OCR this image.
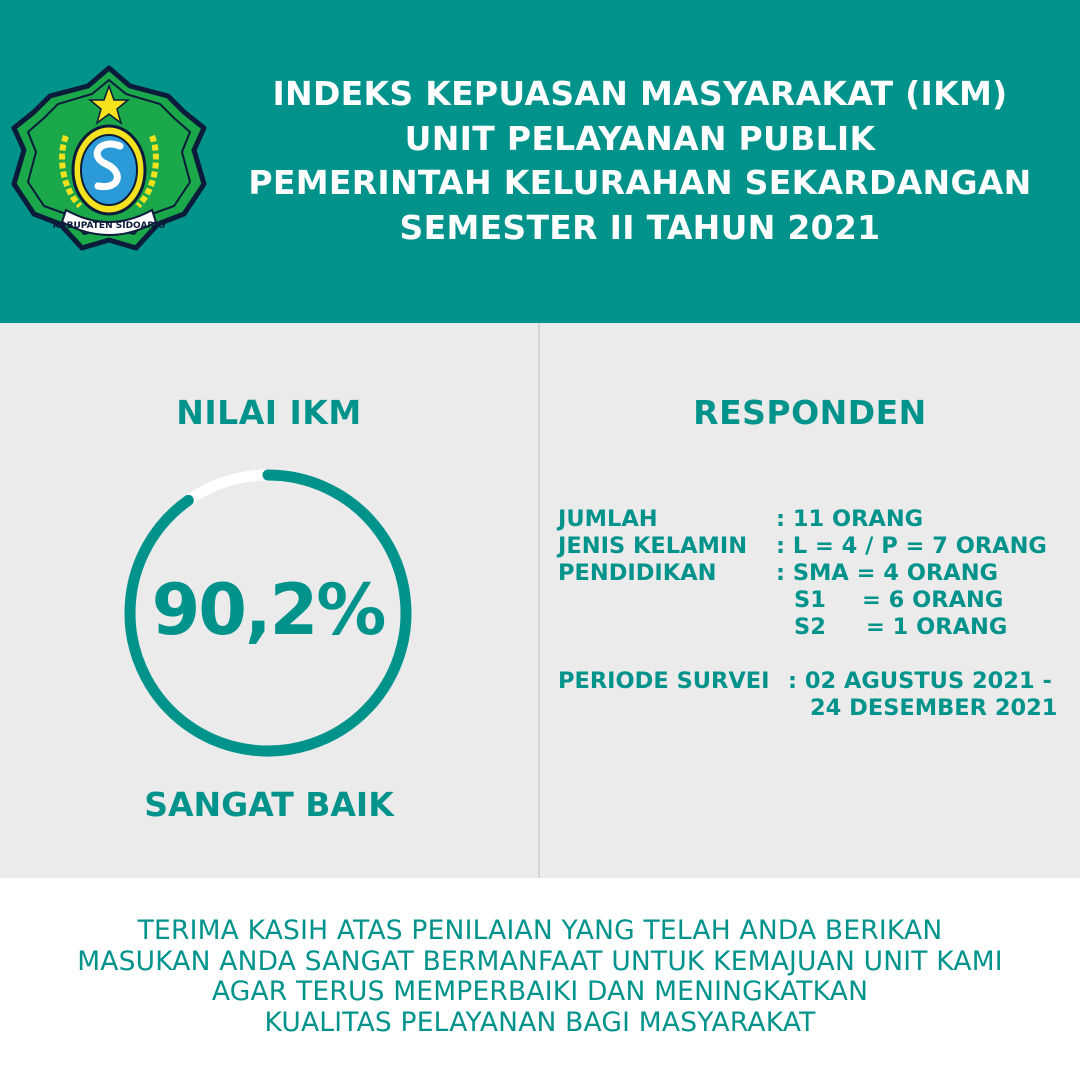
KABUPATEN SIDOARJO
INDEKS KEPUASAN MASYARAKAT (IKM)
UNIT PELAYANAN PUBLIK
PEMERINTAH KELURAHAN SEKARDANGAN
SEMESTER II TAHUN 2021
NILAI IKM
90,2%
SANGAT BAIK
RESPONDEN
JUMLAH	: 11 ORANG
JENIS KELAMIN : L = 4 / P = 7 ORANG
PENDIDIKAN	: SMA = 4 ORANG
S1 = 6 ORANG
S2 = 1 ORANG
PERIODE SURVEI : 02 AGUSTUS 2021 -
24 DESEMBER 2021
TERIMA KASIH ATAS PENILAIAN YANG TELAH ANDA BERIKAN
MASUKAN ANDA SANGAT BERMANFAAT UNTUK KEMAJUAN UNIT KAMI
AGAR TERUS MEMPERBAIKI DAN MENINGKATKAN
KUALITAS PELAYANAN BAGI MASYARAKAT
